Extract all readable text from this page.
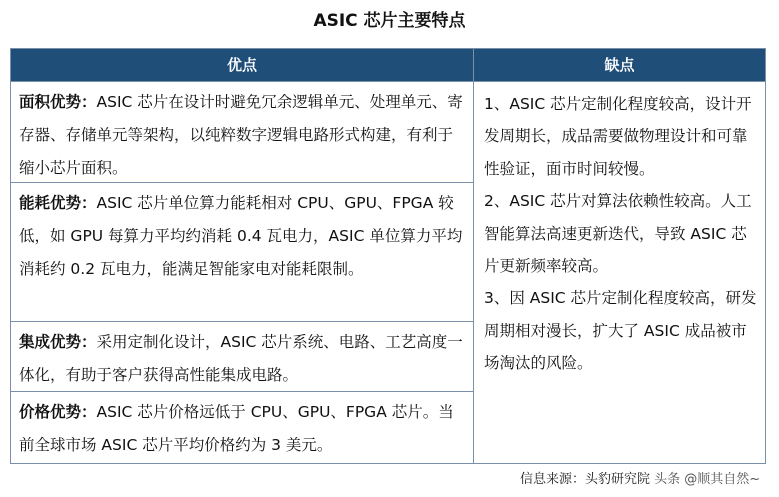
ASIC 芯片主要特点
优点	缺点
面积优势：ASIC 芯片在设计时避免冗余逻辑单元、处理单元、寄存器、存储单元等架构，以纯粹数字逻辑电路形式构建，有利于缩小芯片面积。
能耗优势：ASIC 芯片单位算力能耗相对 CPU、GPU、FPGA 较低，如 GPU 每算力平均约消耗 0.4 瓦电力，ASIC 单位算力平均消耗约 0.2 瓦电力，能满足智能家电对能耗限制。
集成优势：采用定制化设计，ASIC 芯片系统、电路、工艺高度一体化，有助于客户获得高性能集成电路。
价格优势：ASIC 芯片价格远低于 CPU、GPU、FPGA 芯片。当前全球市场 ASIC 芯片平均价格约为 3 美元。

1、ASIC 芯片定制化程度较高，设计开发周期长，成品需要做物理设计和可靠性验证，面市时间较慢。

2、ASIC 芯片对算法依赖性较高。人工智能算法高速更新迭代，导致 ASIC 芯片更新频率较高。

3、因 ASIC 芯片定制化程度较高，研发周期相对漫长，扩大了 ASIC 成品被市场淘汰的风险。

信息来源：头豹研究院 头条 @顺其自然~
